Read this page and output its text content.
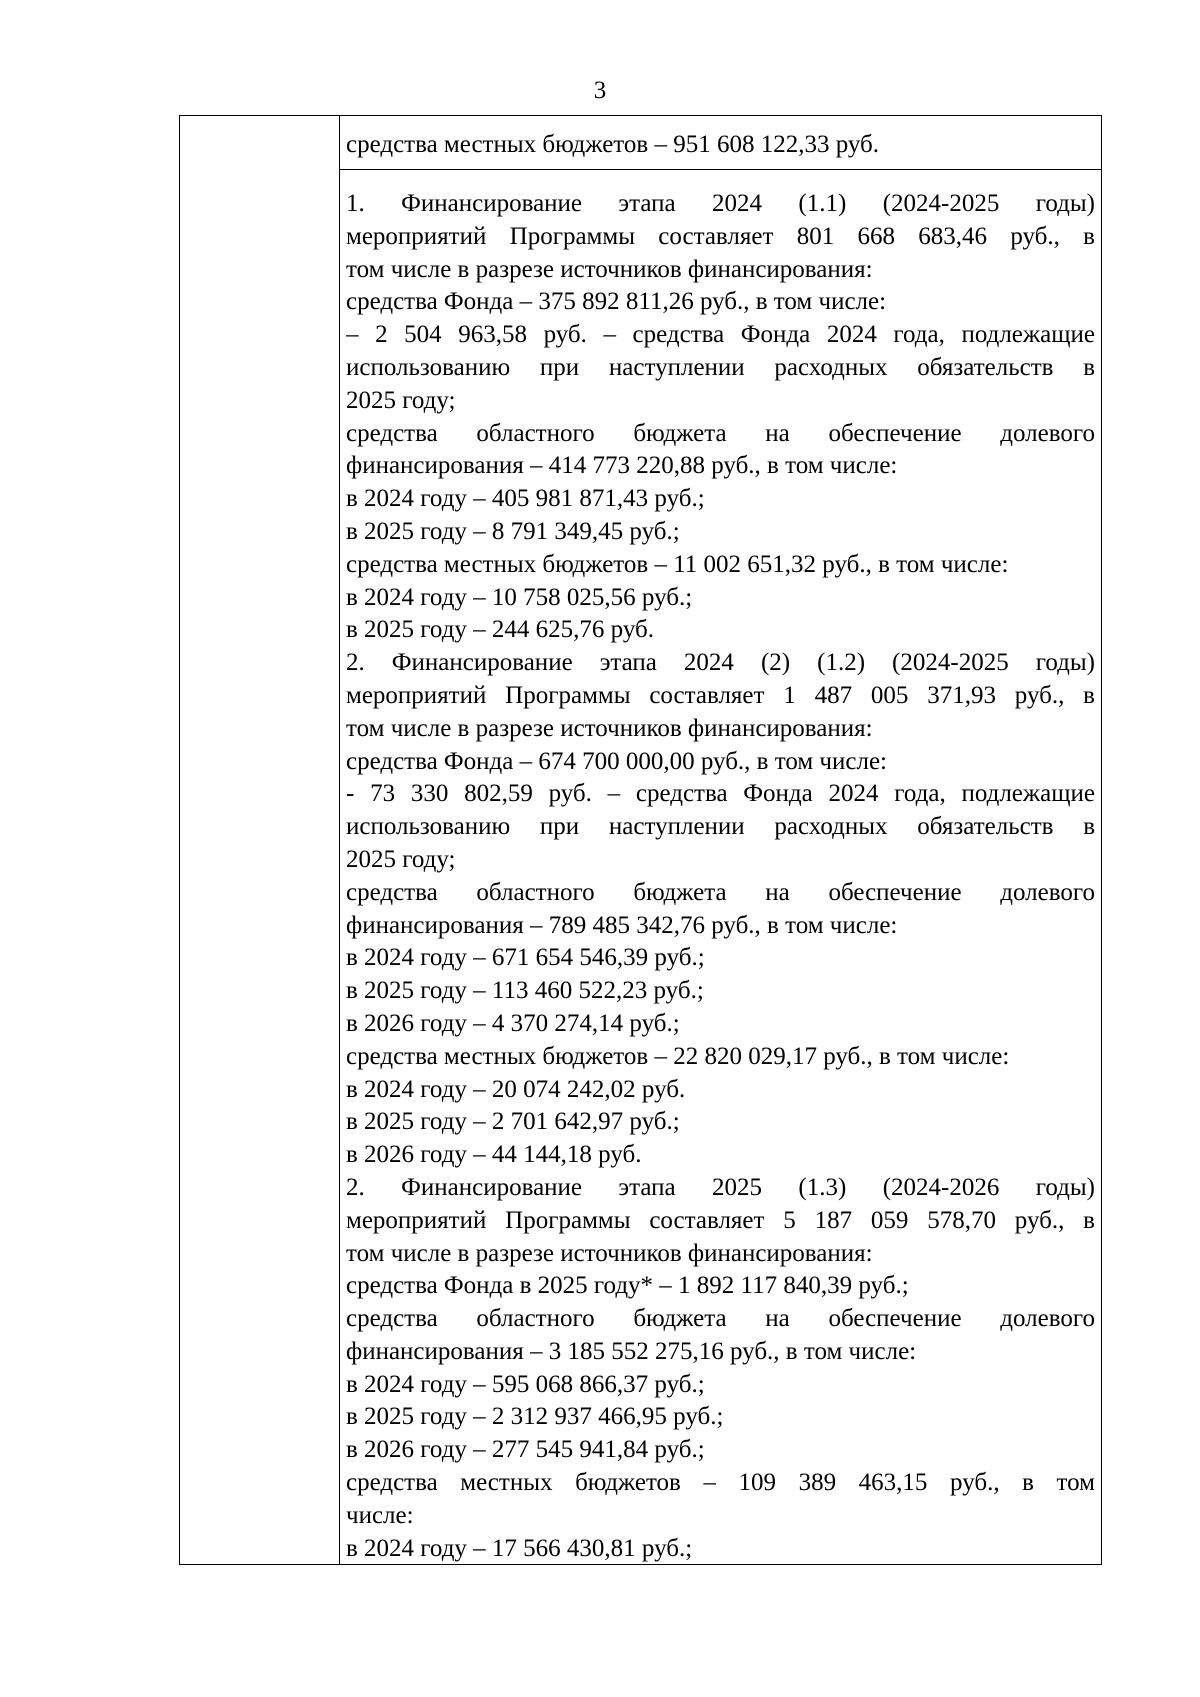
3
средства местных бюджетов – 951 608 122,33 руб.
1. Финансирование этапа 2024 (1.1) (2024-2025 годы)
мероприятий Программы составляет 801 668 683,46 руб., в
том числе в разрезе источников финансирования:
средства Фонда – 375 892 811,26 руб., в том числе:
– 2 504 963,58 руб. – средства Фонда 2024 года, подлежащие
использованию при наступлении расходных обязательств в
2025 году;
средства областного бюджета на обеспечение долевого
финансирования – 414 773 220,88 руб., в том числе:
в 2024 году – 405 981 871,43 руб.;
в 2025 году – 8 791 349,45 руб.;
средства местных бюджетов – 11 002 651,32 руб., в том числе:
в 2024 году – 10 758 025,56 руб.;
в 2025 году – 244 625,76 руб.
2. Финансирование этапа 2024 (2) (1.2) (2024-2025 годы)
мероприятий Программы составляет 1 487 005 371,93 руб., в
том числе в разрезе источников финансирования:
средства Фонда – 674 700 000,00 руб., в том числе:
- 73 330 802,59 руб. – средства Фонда 2024 года, подлежащие
использованию при наступлении расходных обязательств в
2025 году;
средства областного бюджета на обеспечение долевого
финансирования – 789 485 342,76 руб., в том числе:
в 2024 году – 671 654 546,39 руб.;
в 2025 году – 113 460 522,23 руб.;
в 2026 году – 4 370 274,14 руб.;
средства местных бюджетов – 22 820 029,17 руб., в том числе:
в 2024 году – 20 074 242,02 руб.
в 2025 году – 2 701 642,97 руб.;
в 2026 году – 44 144,18 руб.
2. Финансирование этапа 2025 (1.3) (2024-2026 годы)
мероприятий Программы составляет 5 187 059 578,70 руб., в
том числе в разрезе источников финансирования:
средства Фонда в 2025 году* – 1 892 117 840,39 руб.;
средства областного бюджета на обеспечение долевого
финансирования – 3 185 552 275,16 руб., в том числе:
в 2024 году – 595 068 866,37 руб.;
в 2025 году – 2 312 937 466,95 руб.;
в 2026 году – 277 545 941,84 руб.;
средства местных бюджетов – 109 389 463,15 руб., в том
числе:
в 2024 году – 17 566 430,81 руб.;
